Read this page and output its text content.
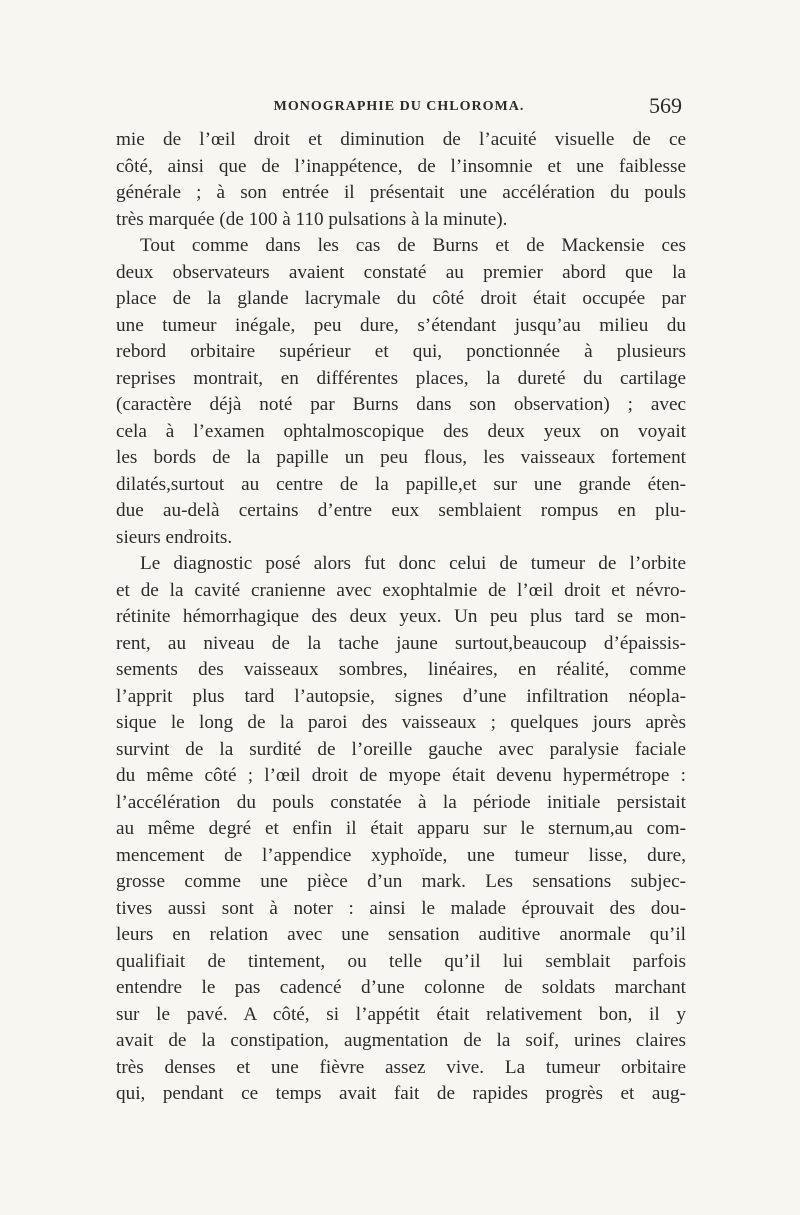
MONOGRAPHIE DU CHLOROMA.	569
mie de l’œil droit et diminution de l’acuité visuelle de ce
côté, ainsi que de l’inappétence, de l’insomnie et une faiblesse
générale ; à son entrée il présentait une accélération du pouls
très marquée (de 100 à 110 pulsations à la minute).
Tout comme dans les cas de Burns et de Mackensie ces
deux observateurs avaient constaté au premier abord que la
place de la glande lacrymale du côté droit était occupée par
une tumeur inégale, peu dure, s’étendant jusqu’au milieu du
rebord orbitaire supérieur et qui, ponctionnée à plusieurs
reprises montrait, en différentes places, la dureté du cartilage
(caractère déjà noté par Burns dans son observation) ; avec
cela à l’examen ophtalmoscopique des deux yeux on voyait
les bords de la papille un peu flous, les vaisseaux fortement
dilatés,surtout au centre de la papille,et sur une grande éten-
due au-delà certains d’entre eux semblaient rompus en plu-
sieurs endroits.
Le diagnostic posé alors fut donc celui de tumeur de l’orbite
et de la cavité cranienne avec exophtalmie de l’œil droit et névro-
rétinite hémorrhagique des deux yeux. Un peu plus tard se mon-
rent, au niveau de la tache jaune surtout,beaucoup d’épaissis-
sements des vaisseaux sombres, linéaires, en réalité, comme
l’apprit plus tard l’autopsie, signes d’une infiltration néopla-
sique le long de la paroi des vaisseaux ; quelques jours après
survint de la surdité de l’oreille gauche avec paralysie faciale
du même côté ; l’œil droit de myope était devenu hypermétrope :
l’accélération du pouls constatée à la période initiale persistait
au même degré et enfin il était apparu sur le sternum,au com-
mencement de l’appendice xyphoïde, une tumeur lisse, dure,
grosse comme une pièce d’un mark. Les sensations subjec-
tives aussi sont à noter : ainsi le malade éprouvait des dou-
leurs en relation avec une sensation auditive anormale qu’il
qualifiait de tintement, ou telle qu’il lui semblait parfois
entendre le pas cadencé d’une colonne de soldats marchant
sur le pavé. A côté, si l’appétit était relativement bon, il y
avait de la constipation, augmentation de la soif, urines claires
très denses et une fièvre assez vive. La tumeur orbitaire
qui, pendant ce temps avait fait de rapides progrès et aug-
